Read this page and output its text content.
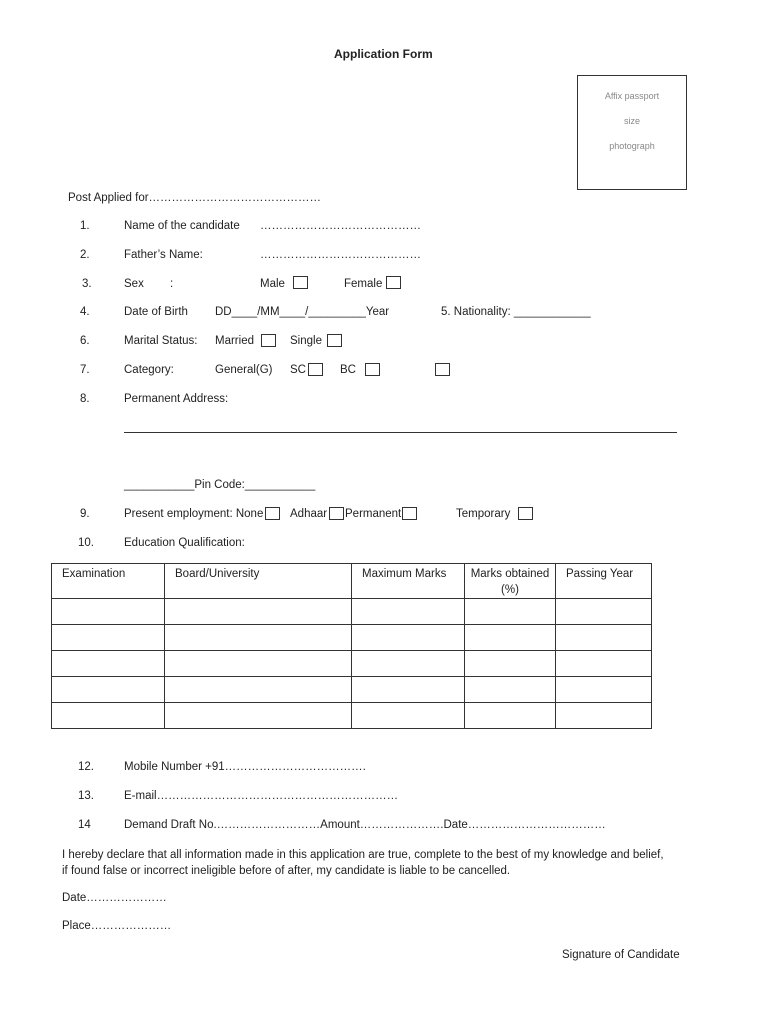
Application Form
Affix passport
size
photograph
Post Applied for………………………………………
1.	Name of the candidate ……………………………………
2.	Father’s Name:	……………………………………
3.	Sex :	Male	Female
4.	Date of Birth DD____/MM____/_________Year	5. Nationality: ____________
6.	Marital Status: Married	Single
7.	Category:	General(G) SC	BC
8.	Permanent Address:
___________Pin Code:___________
9.	Present employment: None Adhaar Permanent	Temporary
10.	Education Qualification:
Examination	Board/University	Maximum Marks	Marks obtained (%)	Passing Year

12.	Mobile Number +91……………………………….
13.	E-mail………………………………………………………
14	Demand Draft No.………………………Amount………………….Date………………………………
I hereby declare that all information made in this application are true, complete to the best of my knowledge and belief,
if found false or incorrect ineligible before of after, my candidate is liable to be cancelled.
Date…………………
Place…………………
Signature of Candidate
